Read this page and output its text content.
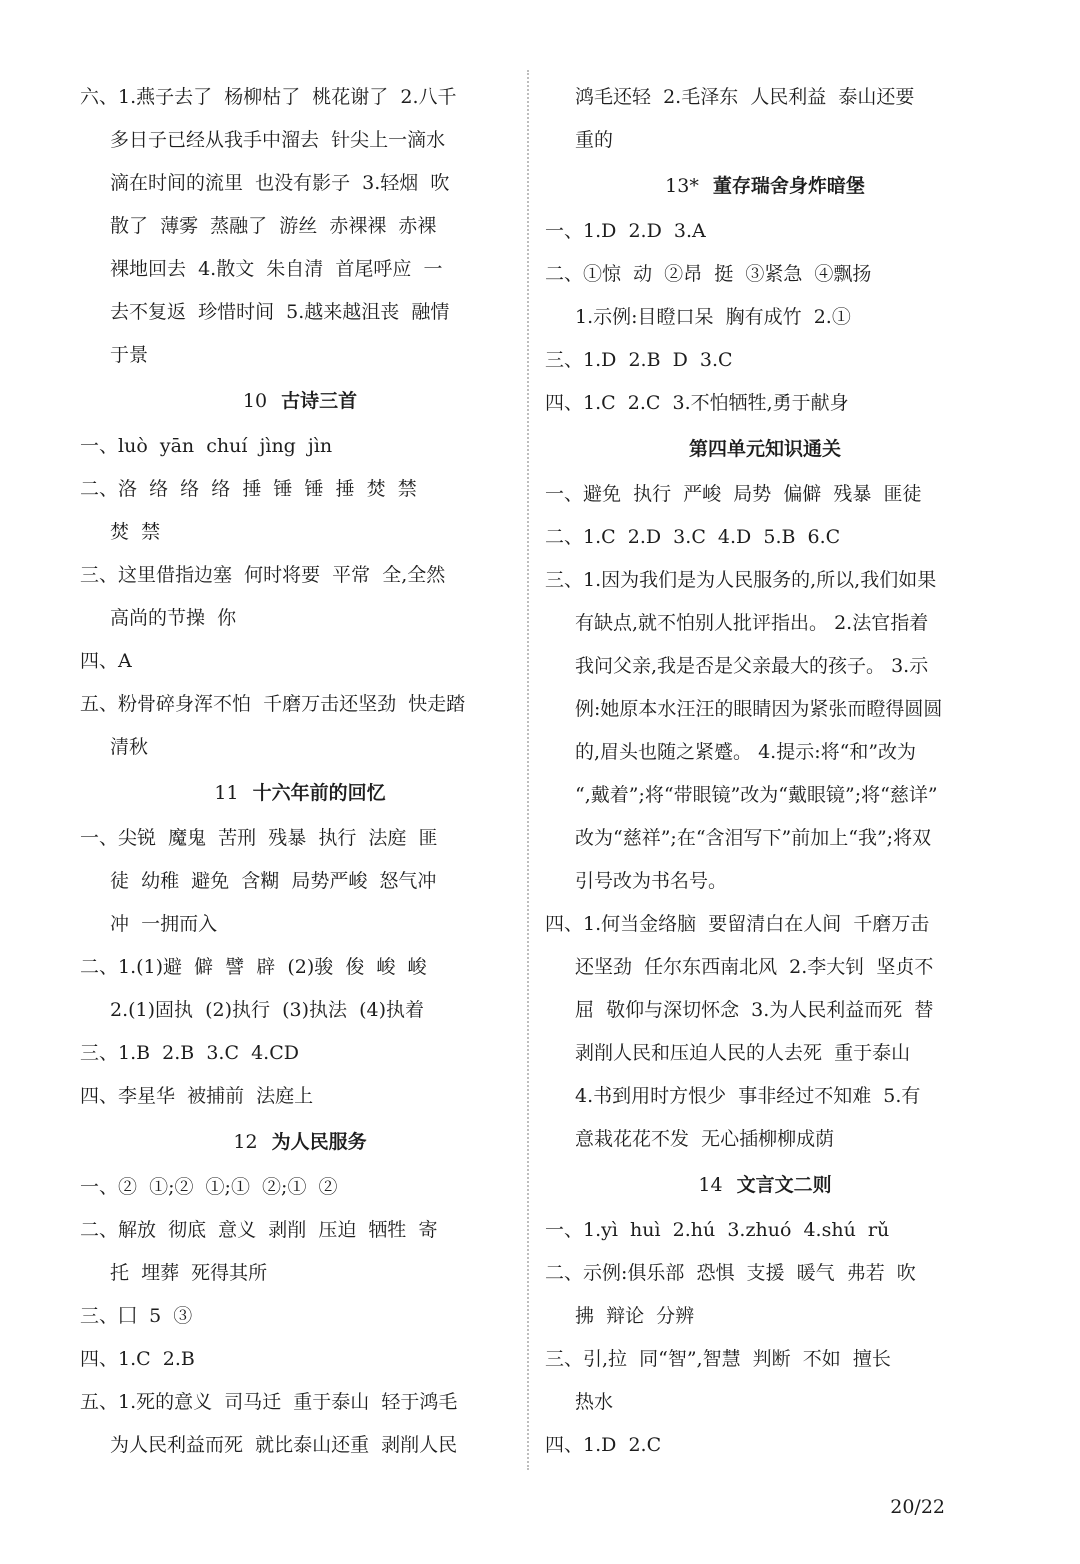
六、1.燕子去了  杨柳枯了  桃花谢了  2.八千
多日子已经从我手中溜去  针尖上一滴水
滴在时间的流里  也没有影子  3.轻烟  吹
散了  薄雾  蒸融了  游丝  赤裸裸  赤裸
裸地回去  4.散文  朱自清  首尾呼应  一
去不复返  珍惜时间  5.越来越沮丧  融情
于景
10 古诗三首
一、luò  yān  chuí  jìng  jìn
二、洛  络  络  络  捶  锤  锤  捶  焚  禁
焚  禁
三、这里借指边塞  何时将要  平常  全,全然
高尚的节操  你
四、A
五、粉骨碎身浑不怕  千磨万击还坚劲  快走踏
清秋
11 十六年前的回忆
一、尖锐  魔鬼  苦刑  残暴  执行  法庭  匪
徒  幼稚  避免  含糊  局势严峻  怒气冲
冲  一拥而入
二、1.(1)避  僻  譬  辟  (2)骏  俊  峻  峻
2.(1)固执  (2)执行  (3)执法  (4)执着
三、1.B  2.B  3.C  4.CD
四、李星华  被捕前  法庭上
12 为人民服务
一、②  ①;②  ①;①  ②;①  ②
二、解放  彻底  意义  剥削  压迫  牺牲  寄
托  埋葬  死得其所
三、囗  5  ③
四、1.C  2.B
五、1.死的意义  司马迁  重于泰山  轻于鸿毛
为人民利益而死  就比泰山还重  剥削人民
鸿毛还轻  2.毛泽东  人民利益  泰山还要
重的
13* 董存瑞舍身炸暗堡
一、1.D  2.D  3.A
二、①惊  动  ②昂  挺  ③紧急  ④飘扬
1.示例:目瞪口呆  胸有成竹  2.①
三、1.D  2.B  D  3.C
四、1.C  2.C  3.不怕牺牲,勇于献身
第四单元知识通关
一、避免  执行  严峻  局势  偏僻  残暴  匪徒
二、1.C  2.D  3.C  4.D  5.B  6.C
三、1.因为我们是为人民服务的,所以,我们如果
有缺点,就不怕别人批评指出。 2.法官指着
我问父亲,我是否是父亲最大的孩子。 3.示
例:她原本水汪汪的眼睛因为紧张而瞪得圆圆
的,眉头也随之紧蹙。 4.提示:将“和”改为
“,戴着”;将“带眼镜”改为“戴眼镜”;将“慈详”
改为“慈祥”;在“含泪写下”前加上“我”;将双
引号改为书名号。
四、1.何当金络脑  要留清白在人间  千磨万击
还坚劲  任尔东西南北风  2.李大钊  坚贞不
屈  敬仰与深切怀念  3.为人民利益而死  替
剥削人民和压迫人民的人去死  重于泰山
4.书到用时方恨少  事非经过不知难  5.有
意栽花花不发  无心插柳柳成荫
14 文言文二则
一、1.yì  huì  2.hú  3.zhuó  4.shú  rǔ
二、示例:俱乐部  恐惧  支援  暖气  弗若  吹
拂  辩论  分辨
三、引,拉  同“智”,智慧  判断  不如  擅长
热水
四、1.D  2.C
20/22
